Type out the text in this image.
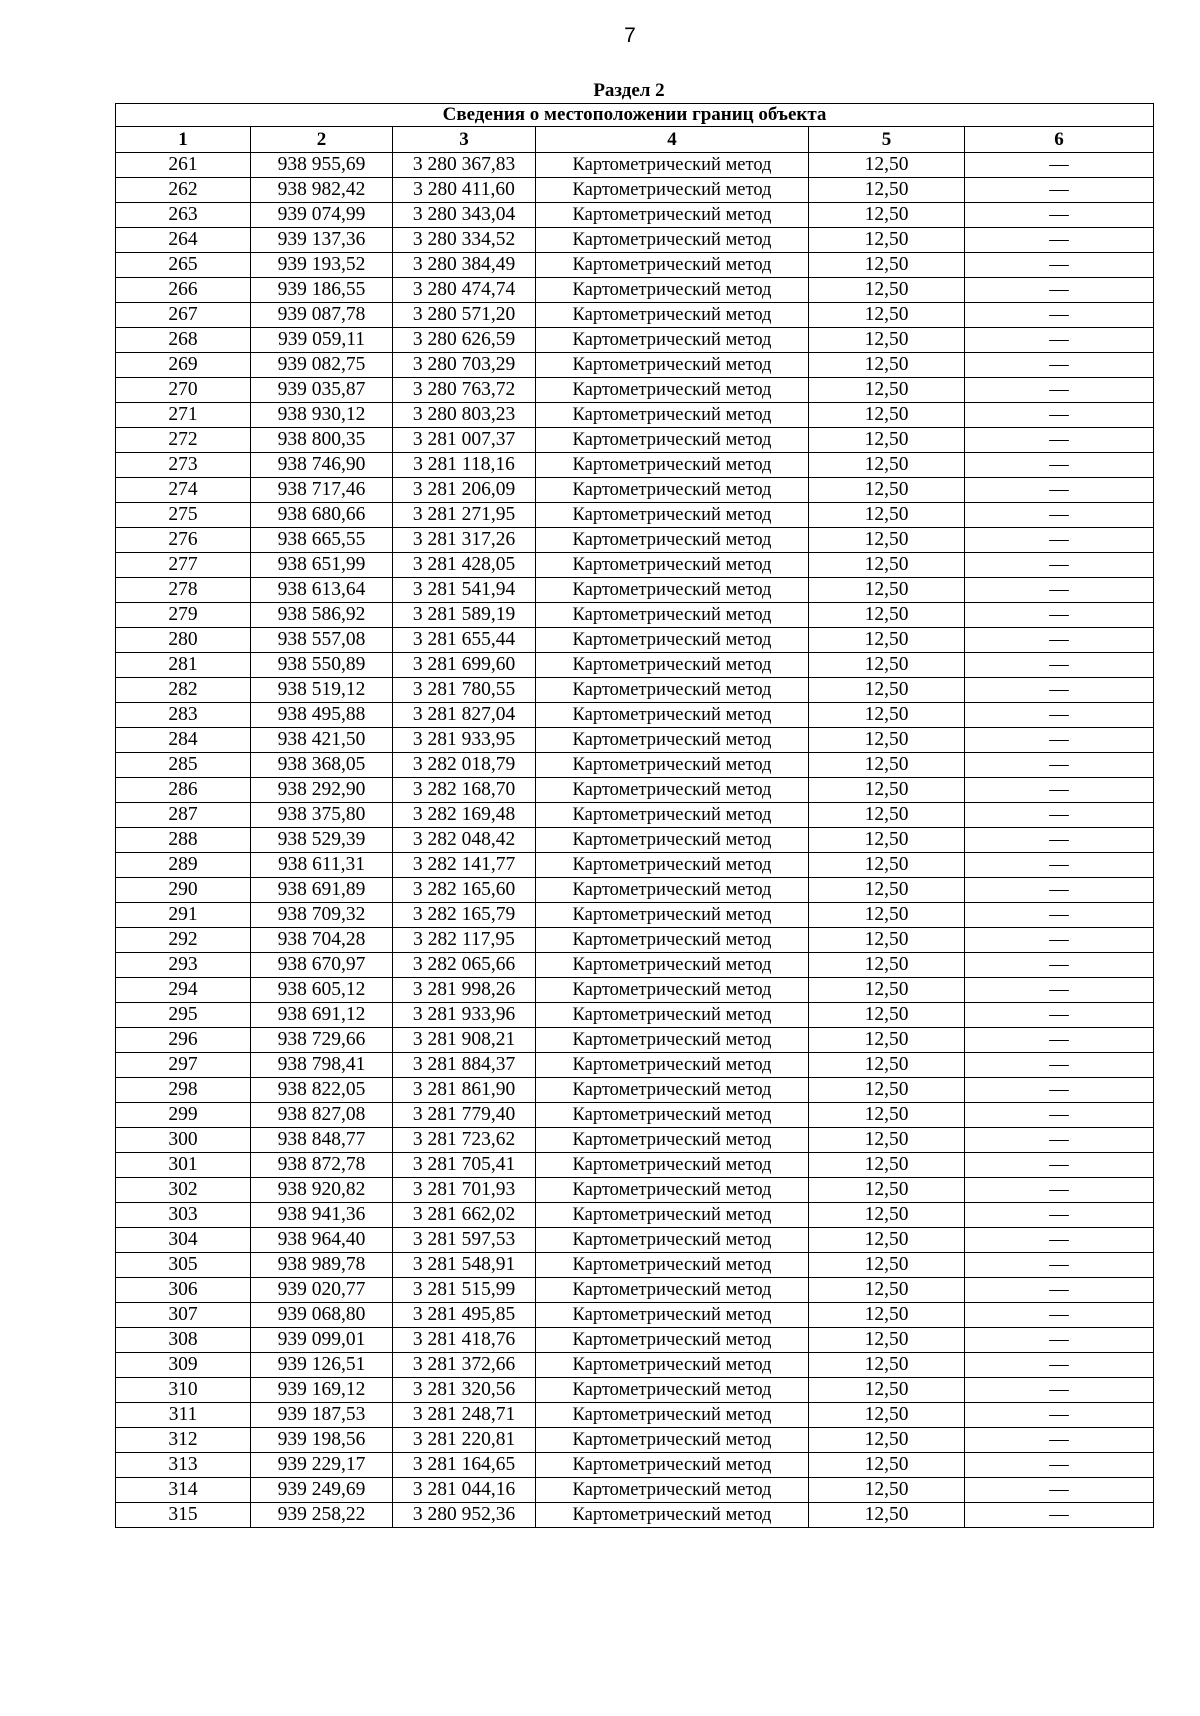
7
Раздел 2
Сведения о местоположении границ объекта					
1	2	3	4	5	6
261	938 955,69	3 280 367,83	Картометрический метод	12,50	—
262	938 982,42	3 280 411,60	Картометрический метод	12,50	—
263	939 074,99	3 280 343,04	Картометрический метод	12,50	—
264	939 137,36	3 280 334,52	Картометрический метод	12,50	—
265	939 193,52	3 280 384,49	Картометрический метод	12,50	—
266	939 186,55	3 280 474,74	Картометрический метод	12,50	—
267	939 087,78	3 280 571,20	Картометрический метод	12,50	—
268	939 059,11	3 280 626,59	Картометрический метод	12,50	—
269	939 082,75	3 280 703,29	Картометрический метод	12,50	—
270	939 035,87	3 280 763,72	Картометрический метод	12,50	—
271	938 930,12	3 280 803,23	Картометрический метод	12,50	—
272	938 800,35	3 281 007,37	Картометрический метод	12,50	—
273	938 746,90	3 281 118,16	Картометрический метод	12,50	—
274	938 717,46	3 281 206,09	Картометрический метод	12,50	—
275	938 680,66	3 281 271,95	Картометрический метод	12,50	—
276	938 665,55	3 281 317,26	Картометрический метод	12,50	—
277	938 651,99	3 281 428,05	Картометрический метод	12,50	—
278	938 613,64	3 281 541,94	Картометрический метод	12,50	—
279	938 586,92	3 281 589,19	Картометрический метод	12,50	—
280	938 557,08	3 281 655,44	Картометрический метод	12,50	—
281	938 550,89	3 281 699,60	Картометрический метод	12,50	—
282	938 519,12	3 281 780,55	Картометрический метод	12,50	—
283	938 495,88	3 281 827,04	Картометрический метод	12,50	—
284	938 421,50	3 281 933,95	Картометрический метод	12,50	—
285	938 368,05	3 282 018,79	Картометрический метод	12,50	—
286	938 292,90	3 282 168,70	Картометрический метод	12,50	—
287	938 375,80	3 282 169,48	Картометрический метод	12,50	—
288	938 529,39	3 282 048,42	Картометрический метод	12,50	—
289	938 611,31	3 282 141,77	Картометрический метод	12,50	—
290	938 691,89	3 282 165,60	Картометрический метод	12,50	—
291	938 709,32	3 282 165,79	Картометрический метод	12,50	—
292	938 704,28	3 282 117,95	Картометрический метод	12,50	—
293	938 670,97	3 282 065,66	Картометрический метод	12,50	—
294	938 605,12	3 281 998,26	Картометрический метод	12,50	—
295	938 691,12	3 281 933,96	Картометрический метод	12,50	—
296	938 729,66	3 281 908,21	Картометрический метод	12,50	—
297	938 798,41	3 281 884,37	Картометрический метод	12,50	—
298	938 822,05	3 281 861,90	Картометрический метод	12,50	—
299	938 827,08	3 281 779,40	Картометрический метод	12,50	—
300	938 848,77	3 281 723,62	Картометрический метод	12,50	—
301	938 872,78	3 281 705,41	Картометрический метод	12,50	—
302	938 920,82	3 281 701,93	Картометрический метод	12,50	—
303	938 941,36	3 281 662,02	Картометрический метод	12,50	—
304	938 964,40	3 281 597,53	Картометрический метод	12,50	—
305	938 989,78	3 281 548,91	Картометрический метод	12,50	—
306	939 020,77	3 281 515,99	Картометрический метод	12,50	—
307	939 068,80	3 281 495,85	Картометрический метод	12,50	—
308	939 099,01	3 281 418,76	Картометрический метод	12,50	—
309	939 126,51	3 281 372,66	Картометрический метод	12,50	—
310	939 169,12	3 281 320,56	Картометрический метод	12,50	—
311	939 187,53	3 281 248,71	Картометрический метод	12,50	—
312	939 198,56	3 281 220,81	Картометрический метод	12,50	—
313	939 229,17	3 281 164,65	Картометрический метод	12,50	—
314	939 249,69	3 281 044,16	Картометрический метод	12,50	—
315	939 258,22	3 280 952,36	Картометрический метод	12,50	—
